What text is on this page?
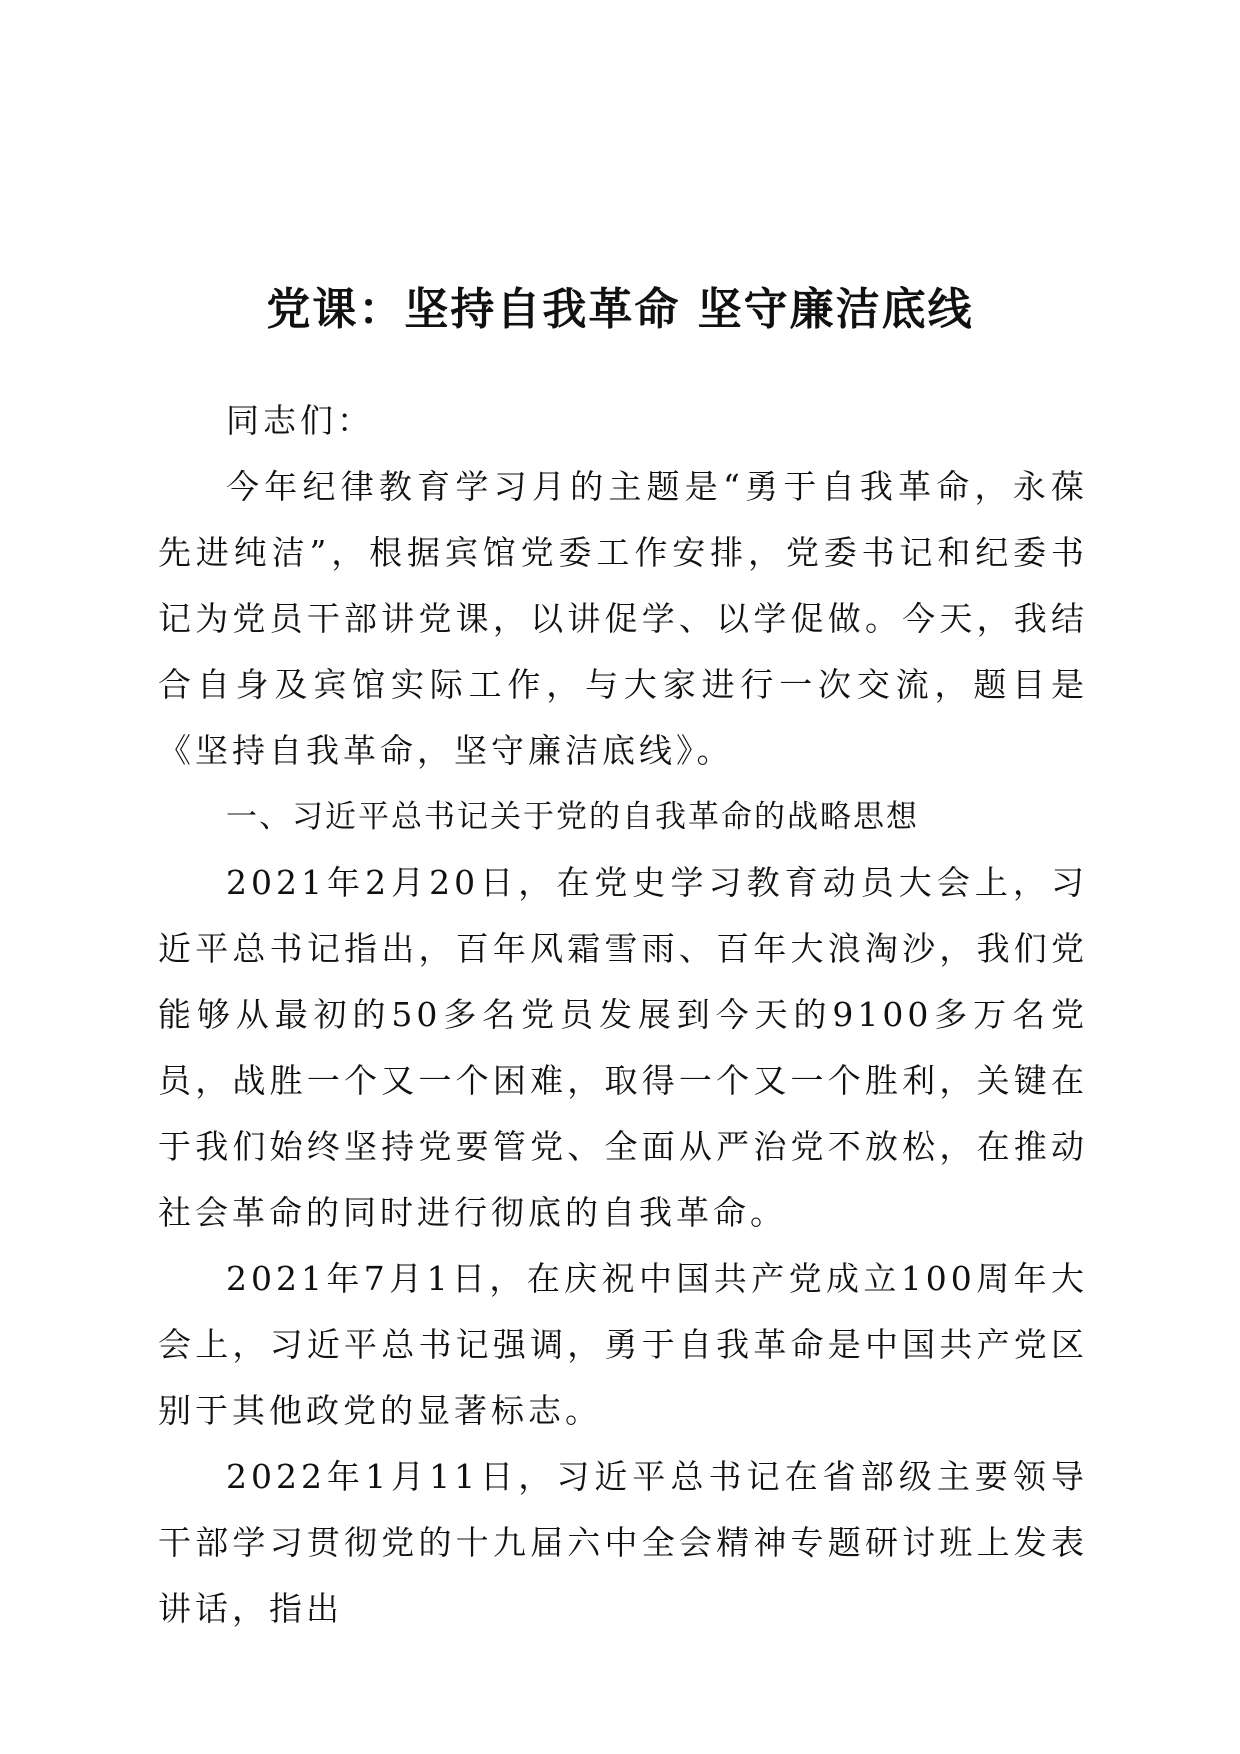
党课：坚持自我革命 坚守廉洁底线

同志们：

今年纪律教育学习月的主题是“勇于自我革命，永葆先进纯洁”，根据宾馆党委工作安排，党委书记和纪委书记为党员干部讲党课，以讲促学、以学促做。今天，我结合自身及宾馆实际工作，与大家进行一次交流，题目是《坚持自我革命，坚守廉洁底线》。

一、习近平总书记关于党的自我革命的战略思想

2021年2月20日，在党史学习教育动员大会上，习近平总书记指出，百年风霜雪雨、百年大浪淘沙，我们党能够从最初的50多名党员发展到今天的9100多万名党员，战胜一个又一个困难，取得一个又一个胜利，关键在于我们始终坚持党要管党、全面从严治党不放松，在推动社会革命的同时进行彻底的自我革命。

2021年7月1日，在庆祝中国共产党成立100周年大会上，习近平总书记强调，勇于自我革命是中国共产党区别于其他政党的显著标志。

2022年1月11日，习近平总书记在省部级主要领导干部学习贯彻党的十九届六中全会精神专题研讨班上发表讲话，指出
